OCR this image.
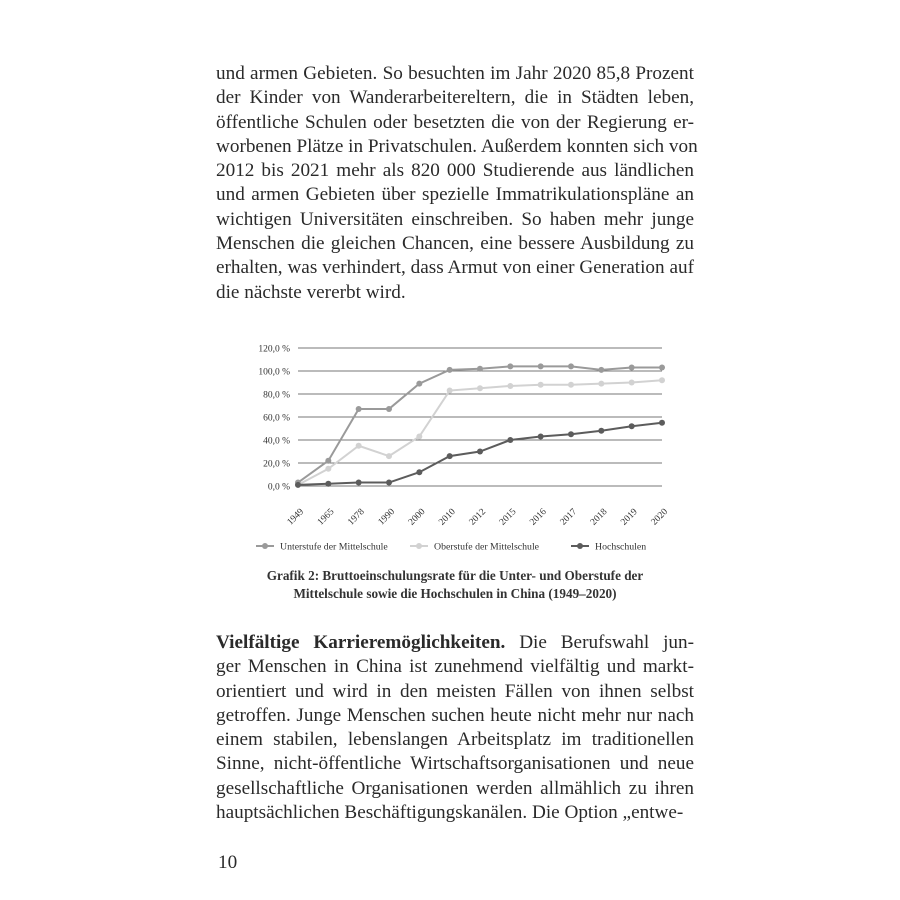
und armen Gebieten. So besuchten im Jahr 2020 85,8 Prozent
der Kinder von Wanderarbeitereltern, die in Städten leben,
öffentliche Schulen oder besetzten die von der Regierung er-
worbenen Plätze in Privatschulen. Außerdem konnten sich von
2012 bis 2021 mehr als 820 000 Studierende aus ländlichen
und armen Gebieten über spezielle Immatrikulationspläne an
wichtigen Universitäten einschreiben. So haben mehr junge
Menschen die gleichen Chancen, eine bessere Ausbildung zu
erhalten, was verhindert, dass Armut von einer Generation auf
die nächste vererbt wird.
0,0 %
20,0 %
40,0 %
60,0 %
80,0 %
100,0 %
120,0 %
1949 1965 1978 1990 2000 2010 2012 2015 2016 2017 2018 2019 2020
Unterstufe der Mittelschule	Oberstufe der Mittelschule	Hochschulen
Grafik 2: Bruttoeinschulungsrate für die Unter- und Oberstufe der
Mittelschule sowie die Hochschulen in China (1949–2020)
Vielfältige Karrieremöglichkeiten. Die Berufswahl jun-
ger Menschen in China ist zunehmend vielfältig und markt-
orientiert und wird in den meisten Fällen von ihnen selbst
getroffen. Junge Menschen suchen heute nicht mehr nur nach
einem stabilen, lebenslangen Arbeitsplatz im traditionellen
Sinne, nicht-öffentliche Wirtschaftsorganisationen und neue
gesellschaftliche Organisationen werden allmählich zu ihren
hauptsächlichen Beschäftigungskanälen. Die Option „entwe-
10
